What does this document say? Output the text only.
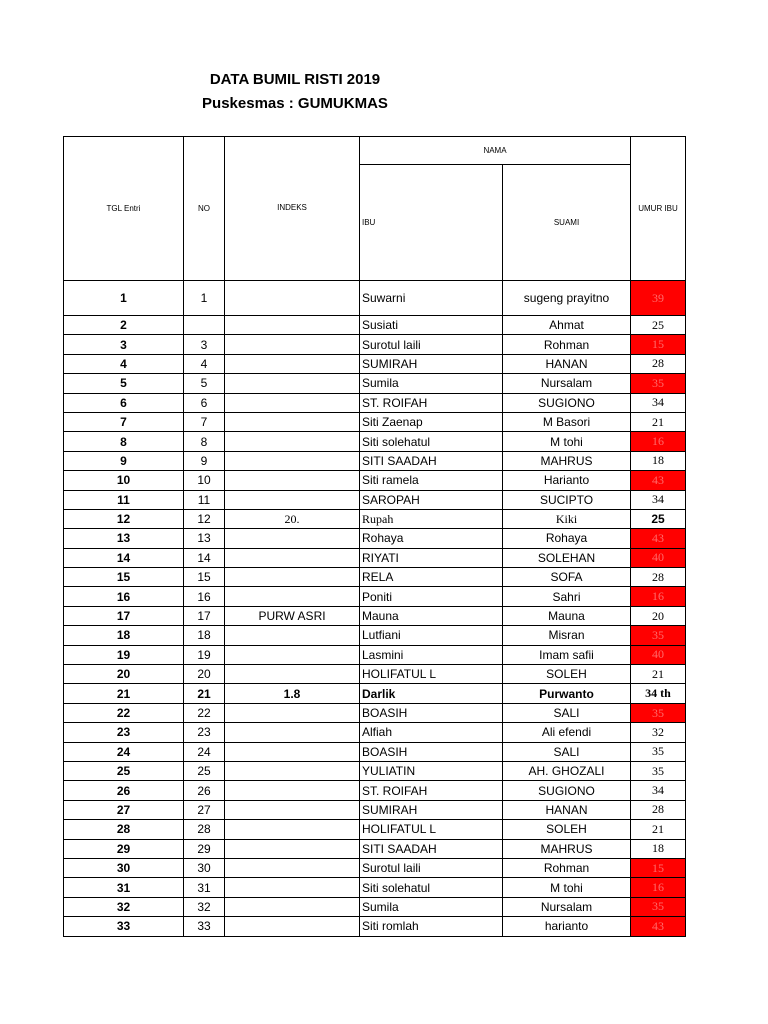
DATA BUMIL RISTI 2019
Puskesmas : GUMUKMAS
TGL Entri	NO	INDEKS	NAMA		UMUR IBU
			IBU	SUAMI	
1	1		Suwarni	sugeng prayitno	39
2			Susiati	Ahmat	25
3	3		Surotul laili	Rohman	15
4	4		SUMIRAH	HANAN	28
5	5		Sumila	Nursalam	35
6	6		ST. ROIFAH	SUGIONO	34
7	7		Siti Zaenap	M Basori	21
8	8		Siti solehatul	M tohi	16
9	9		SITI SAADAH	MAHRUS	18
10	10		Siti ramela	Harianto	43
11	11		SAROPAH	SUCIPTO	34
12	12	20.	Rupah	Kiki	25
13	13		Rohaya	Rohaya	43
14	14		RIYATI	SOLEHAN	40
15	15		RELA	SOFA	28
16	16		Poniti	Sahri	16
17	17	PURW ASRI	Mauna	Mauna	20
18	18		Lutfiani	Misran	35
19	19		Lasmini	Imam safii	40
20	20		HOLIFATUL L	SOLEH	21
21	21	1.8	Darlik	Purwanto	34 th
22	22		BOASIH	SALI	35
23	23		Alfiah	Ali efendi	32
24	24		BOASIH	SALI	35
25	25		YULIATIN	AH. GHOZALI	35
26	26		ST. ROIFAH	SUGIONO	34
27	27		SUMIRAH	HANAN	28
28	28		HOLIFATUL L	SOLEH	21
29	29		SITI SAADAH	MAHRUS	18
30	30		Surotul laili	Rohman	15
31	31		Siti solehatul	M tohi	16
32	32		Sumila	Nursalam	35
33	33		Siti romlah	harianto	43
